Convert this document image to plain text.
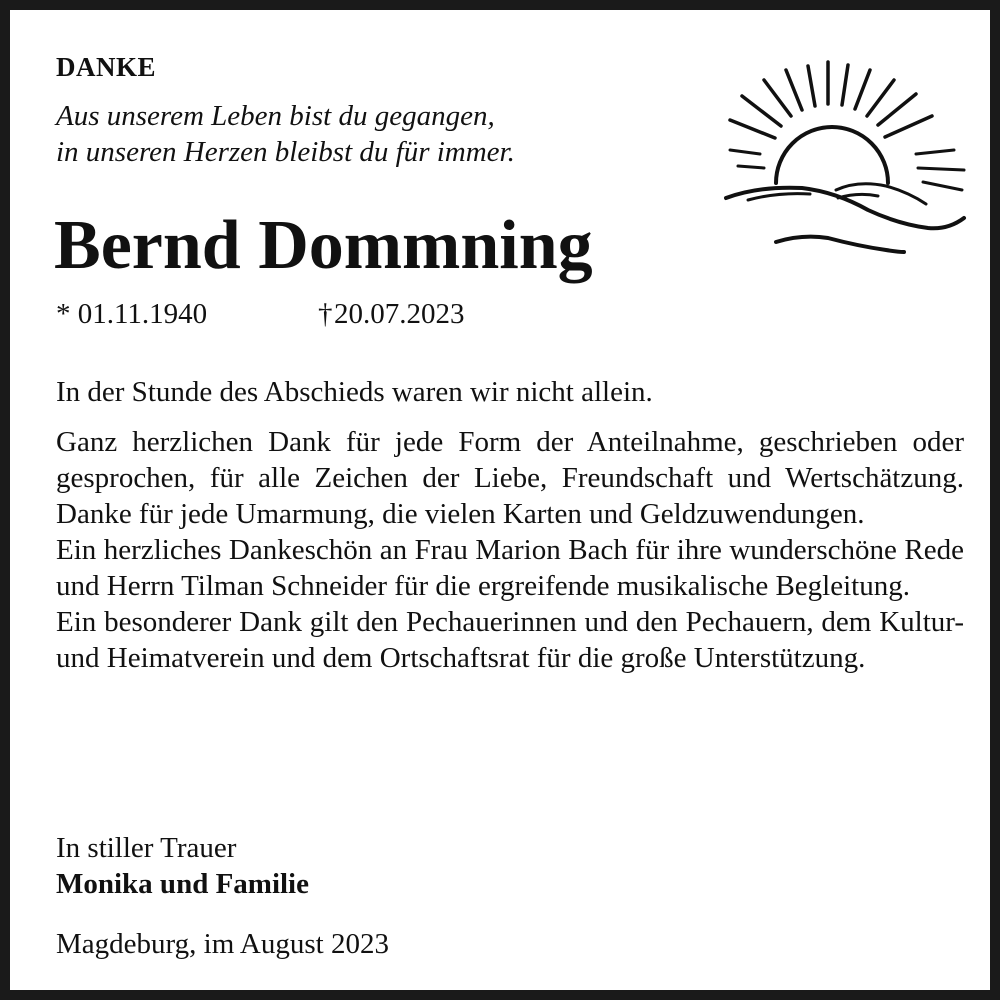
DANKE
Aus unserem Leben bist du gegangen,
in unseren Herzen bleibst du für immer.
Bernd Dommning
* 01.11.1940	†20.07.2023

In der Stunde des Abschieds waren wir nicht allein.

Ganz herzlichen Dank für jede Form der Anteilnahme, geschrieben oder gesprochen, für alle Zeichen der Liebe, Freundschaft und Wertschätzung. Danke für jede Umarmung, die vielen Karten und Geldzuwendungen.

Ein herzliches Dankeschön an Frau Marion Bach für ihre wunderschöne Rede und Herrn Tilman Schneider für die ergreifende musikalische Begleitung.

Ein besonderer Dank gilt den Pechauerinnen und den Pechauern, dem Kultur- und Heimatverein und dem Ortschaftsrat für die große Unterstützung.

In stiller Trauer
Monika und Familie
Magdeburg, im August 2023
